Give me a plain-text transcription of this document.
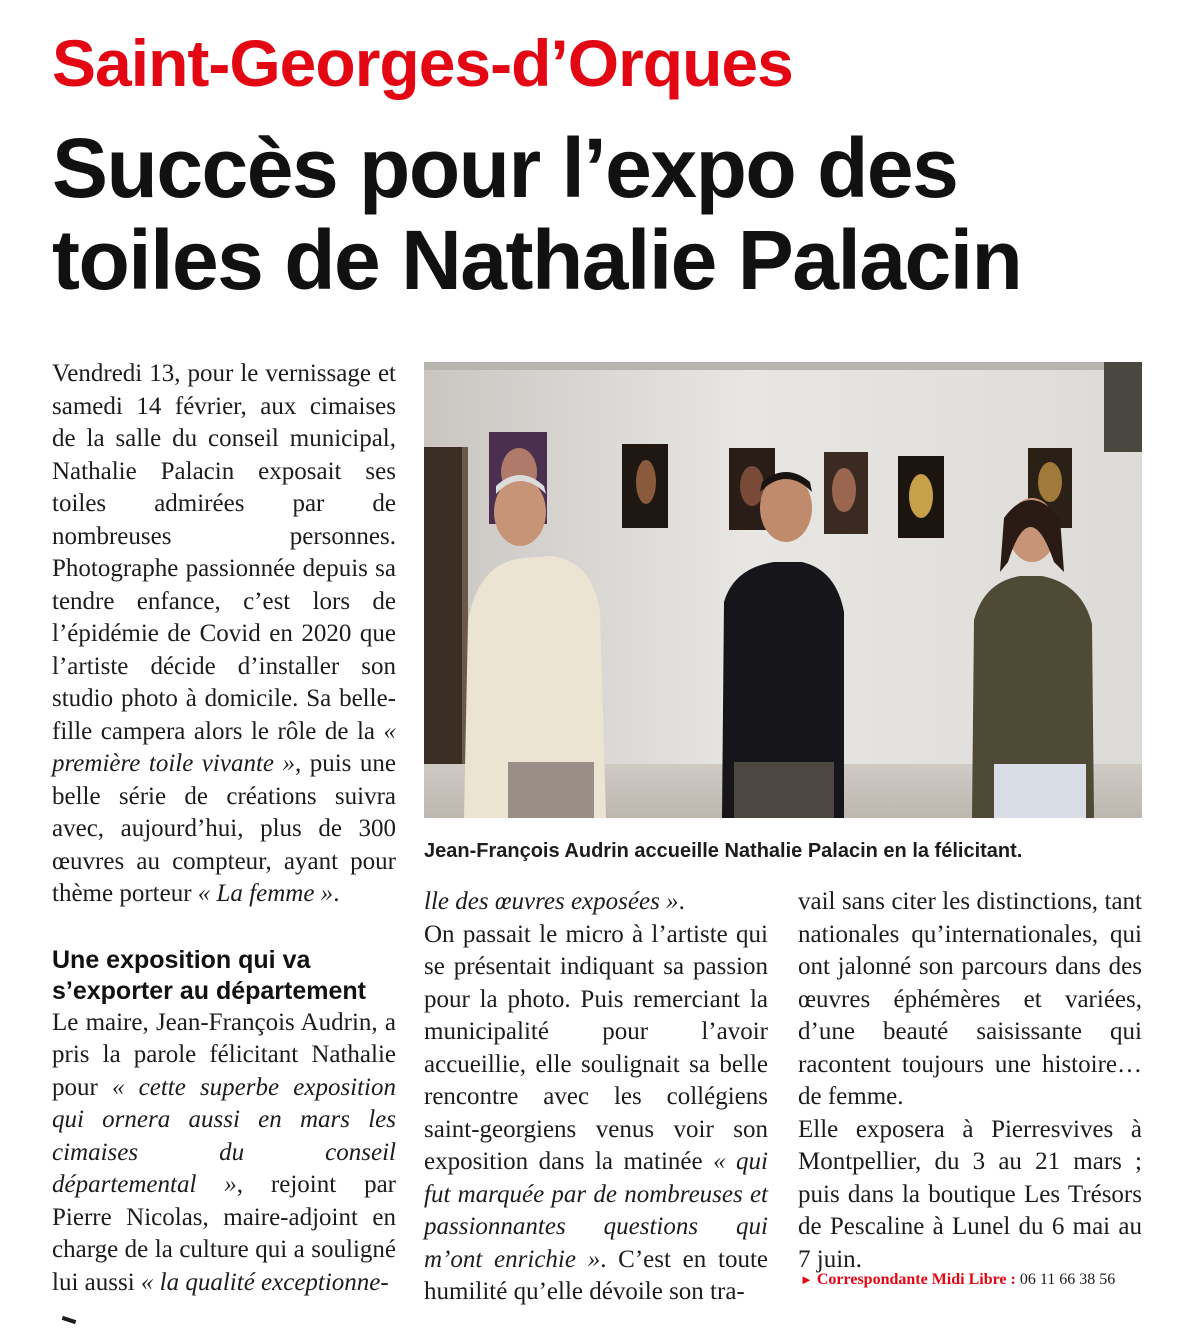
Saint-Georges-d’Orques
Succès pour l’expo des
toiles de Nathalie Palacin

Vendredi 13, pour le vernissage et samedi 14 février, aux cimaises de la salle du conseil municipal, Nathalie Palacin exposait ses toiles admirées par de nombreuses personnes. Photographe passionnée depuis sa tendre enfance, c’est lors de l’épidémie de Covid en 2020 que l’artiste décide d’installer son studio photo à domicile. Sa belle-fille campera alors le rôle de la « première toile vivante », puis une belle série de créations suivra avec, aujourd’hui, plus de 300 œuvres au compteur, ayant pour thème porteur « La femme ».

Une exposition qui va
s’exporter au département

Le maire, Jean-François Audrin, a pris la parole félicitant Nathalie pour « cette superbe exposition qui ornera aussi en mars les cimaises du conseil départemental », rejoint par Pierre Nicolas, maire-adjoint en charge de la culture qui a souligné lui aussi « la qualité exceptionne-

Jean-François Audrin accueille Nathalie Palacin en la félicitant.

lle des œuvres exposées ».

On passait le micro à l’artiste qui se présentait indiquant sa passion pour la photo. Puis remerciant la municipalité pour l’avoir accueillie, elle soulignait sa belle rencontre avec les collégiens saint-georgiens venus voir son exposition dans la matinée « qui fut marquée par de nombreuses et passionnantes questions qui m’ont enrichie ». C’est en toute humilité qu’elle dévoile son tra-

vail sans citer les distinctions, tant nationales qu’internationales, qui ont jalonné son parcours dans des œuvres éphémères et variées, d’une beauté saisissante qui racontent toujours une histoire… de femme.

Elle exposera à Pierresvives à Montpellier, du 3 au 21 mars ; puis dans la boutique Les Trésors de Pescaline à Lunel du 6 mai au 7 juin.

► Correspondante Midi Libre : 06 11 66 38 56
